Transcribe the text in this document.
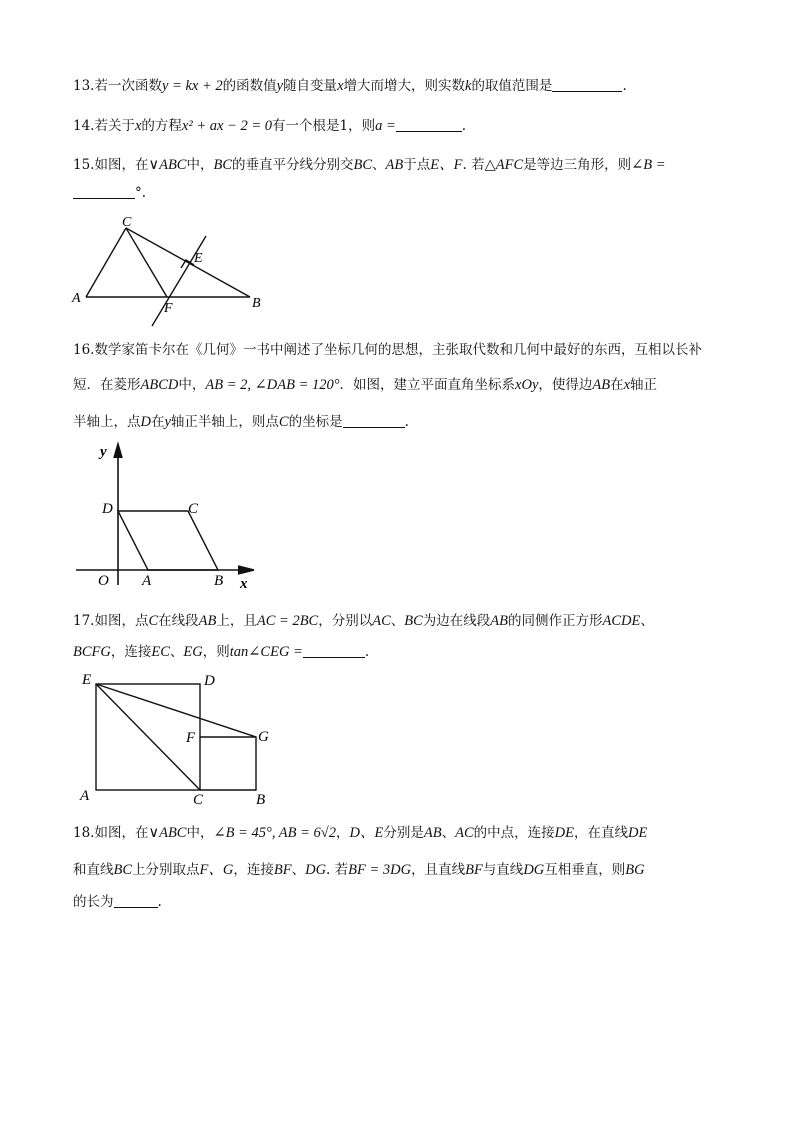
13.若一次函数y = kx + 2的函数值y随自变量x增大而增大，则实数k的取值范围是	.
14.若关于x的方程x² + ax − 2 = 0有一个根是1，则a =	.
15.如图，在∨ABC中，BC的垂直平分线分别交BC、AB于点E、F. 若△AFC是等边三角形，则∠B =
°.
C
E
A
F	B
16.数学家笛卡尔在《几何》一书中阐述了坐标几何的思想，主张取代数和几何中最好的东西，互相以长补
短．在菱形ABCD中，AB = 2, ∠DAB = 120°．如图，建立平面直角坐标系xOy，使得边AB在x轴正
半轴上，点D在y轴正半轴上，则点C的坐标是	.
y
x
O A	B
C
D
17.如图，点C在线段AB上，且AC = 2BC，分别以AC、BC为边在线段AB的同侧作正方形ACDE、
BCFG，连接EC、EG，则tan∠CEG =	.
E	D
F	G
A	C	B
18.如图，在∨ABC中，∠B = 45°, AB = 6√2，D、E分别是AB、AC的中点，连接DE，在直线DE
和直线BC上分别取点F、G，连接BF、DG. 若BF = 3DG，且直线BF与直线DG互相垂直，则BG
的长为	.
